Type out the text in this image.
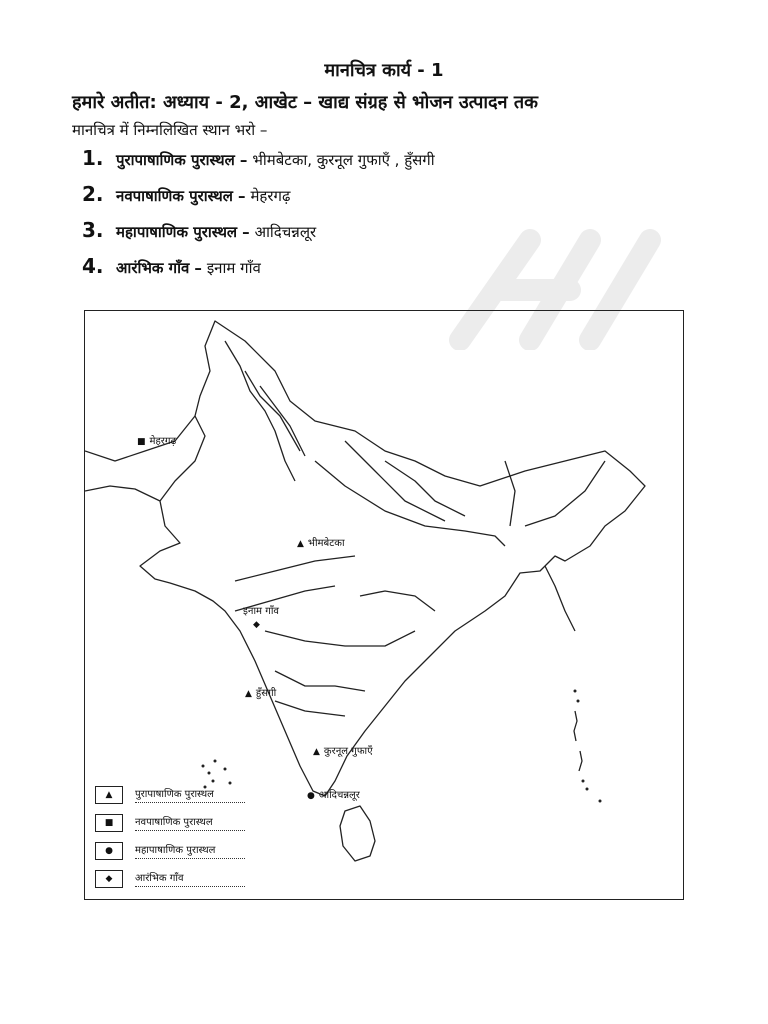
मानचित्र कार्य - 1
हमारे अतीत: अध्याय - 2, आखेट – खाद्य संग्रह से भोजन उत्पादन तक
मानचित्र में निम्नलिखित स्थान भरो –
1. पुरापाषाणिक पुरास्थल – भीमबेटका, कुरनूल गुफाएँ , हुँसगी
2. नवपाषाणिक पुरास्थल – मेहरगढ़
3. महापाषाणिक पुरास्थल – आदिचन्नलूर
4. आरंभिक गाँव – इनाम गाँव
■ मेहरगढ़
▲ भीमबेटका
इनाम गाँव
◆
▲ हुँसगी
▲ कुरनूल गुफाएँ
● आदिचन्नलूर
▲	पुरापाषाणिक पुरास्थल
■	नवपाषाणिक पुरास्थल
●	महापाषाणिक पुरास्थल
◆	आरंभिक गाँव
